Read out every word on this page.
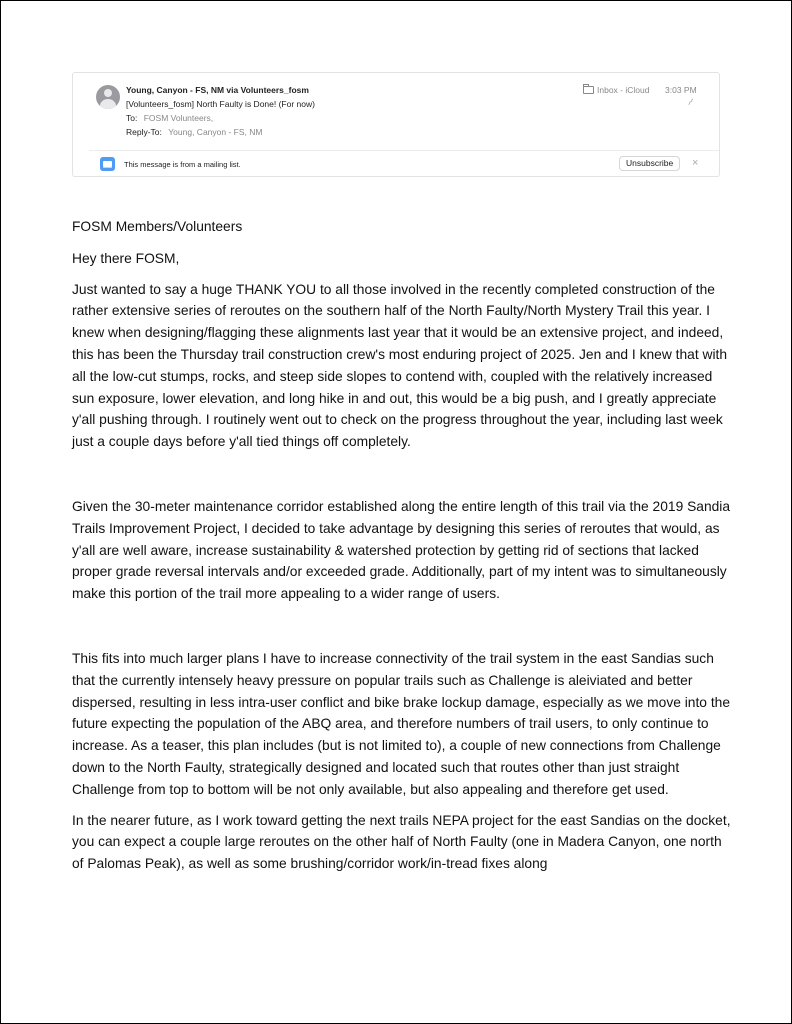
Young, Canyon - FS, NM via Volunteers_fosm
[Volunteers_fosm] North Faulty is Done! (For now)
To: FOSM Volunteers,
Reply-To: Young, Canyon - FS, NM
Inbox - iCloud 3:03 PM
⌇
This message is from a mailing list.	Unsubscribe	×

FOSM Members/Volunteers

Hey there FOSM,

Just wanted to say a huge THANK YOU to all those involved in the recently completed construction of the rather extensive series of reroutes on the southern half of the North Faulty/North Mystery Trail this year. I knew when designing/flagging these alignments last year that it would be an extensive project, and indeed, this has been the Thursday trail construction crew's most enduring project of 2025. Jen and I knew that with all the low-cut stumps, rocks, and steep side slopes to contend with, coupled with the relatively increased sun exposure, lower elevation, and long hike in and out, this would be a big push, and I greatly appreciate y'all pushing through. I routinely went out to check on the progress throughout the year, including last week just a couple days before y'all tied things off completely.

Given the 30-meter maintenance corridor established along the entire length of this trail via the 2019 Sandia Trails Improvement Project, I decided to take advantage by designing this series of reroutes that would, as y'all are well aware, increase sustainability & watershed protection by getting rid of sections that lacked proper grade reversal intervals and/or exceeded grade. Additionally, part of my intent was to simultaneously make this portion of the trail more appealing to a wider range of users.

This fits into much larger plans I have to increase connectivity of the trail system in the east Sandias such that the currently intensely heavy pressure on popular trails such as Challenge is aleiviated and better dispersed, resulting in less intra-user conflict and bike brake lockup damage, especially as we move into the future expecting the population of the ABQ area, and therefore numbers of trail users, to only continue to increase. As a teaser, this plan includes (but is not limited to), a couple of new connections from Challenge down to the North Faulty, strategically designed and located such that routes other than just straight Challenge from top to bottom will be not only available, but also appealing and therefore get used.

In the nearer future, as I work toward getting the next trails NEPA project for the east Sandias on the docket, you can expect a couple large reroutes on the other half of North Faulty (one in Madera Canyon, one north of Palomas Peak), as well as some brushing/corridor work/in-tread fixes along
